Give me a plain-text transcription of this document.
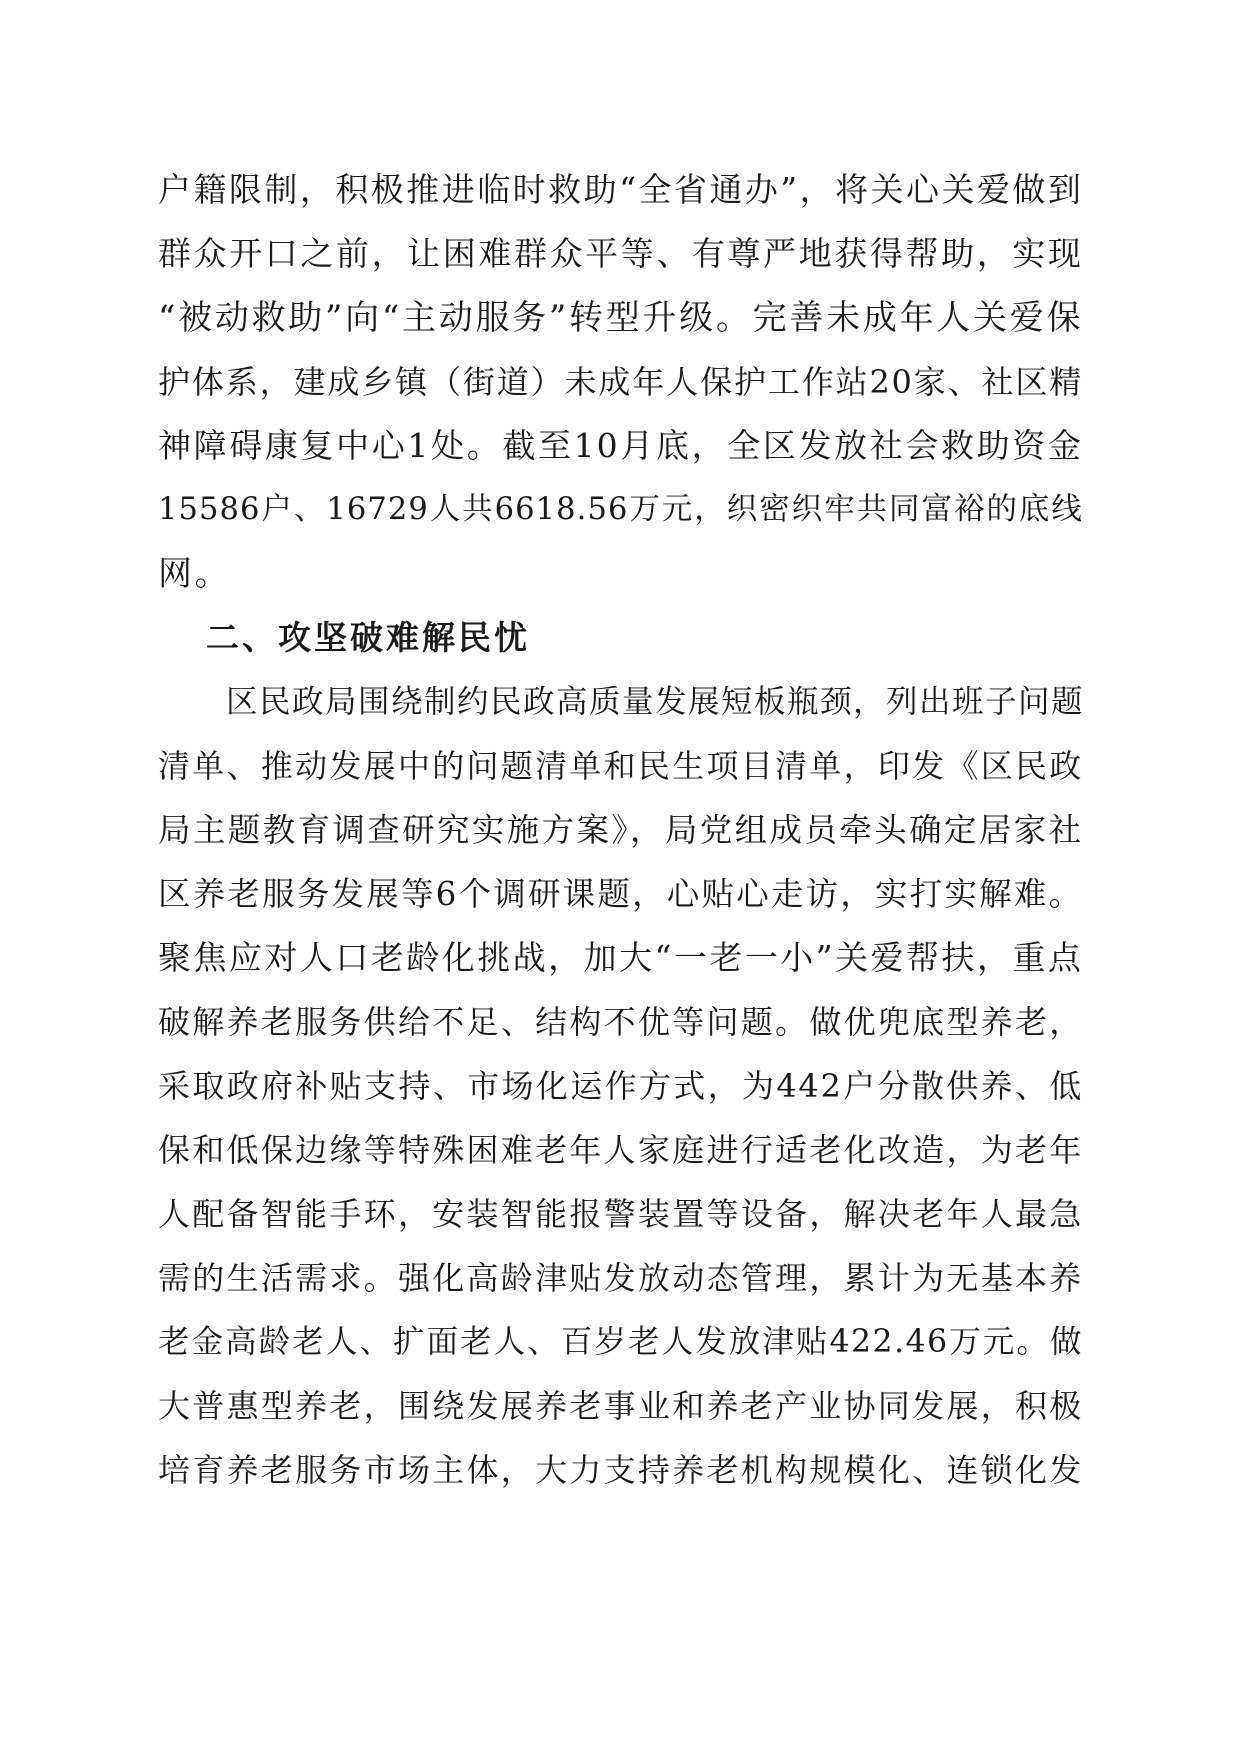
户籍限制，积极推进临时救助“全省通办”，将关心关爱做到
群众开口之前，让困难群众平等、有尊严地获得帮助，实现
“被动救助”向“主动服务”转型升级。完善未成年人关爱保
护体系，建成乡镇（街道）未成年人保护工作站20家、社区精
神障碍康复中心1处。截至10月底，全区发放社会救助资金
15586户、16729人共6618.56万元，织密织牢共同富裕的底线
网。
二、攻坚破难解民忧
区民政局围绕制约民政高质量发展短板瓶颈，列出班子问题
清单、推动发展中的问题清单和民生项目清单，印发《区民政
局主题教育调查研究实施方案》，局党组成员牵头确定居家社
区养老服务发展等6个调研课题，心贴心走访，实打实解难。
聚焦应对人口老龄化挑战，加大“一老一小”关爱帮扶，重点
破解养老服务供给不足、结构不优等问题。做优兜底型养老，
采取政府补贴支持、市场化运作方式，为442户分散供养、低
保和低保边缘等特殊困难老年人家庭进行适老化改造，为老年
人配备智能手环，安装智能报警装置等设备，解决老年人最急
需的生活需求。强化高龄津贴发放动态管理，累计为无基本养
老金高龄老人、扩面老人、百岁老人发放津贴422.46万元。做
大普惠型养老，围绕发展养老事业和养老产业协同发展，积极
培育养老服务市场主体，大力支持养老机构规模化、连锁化发
